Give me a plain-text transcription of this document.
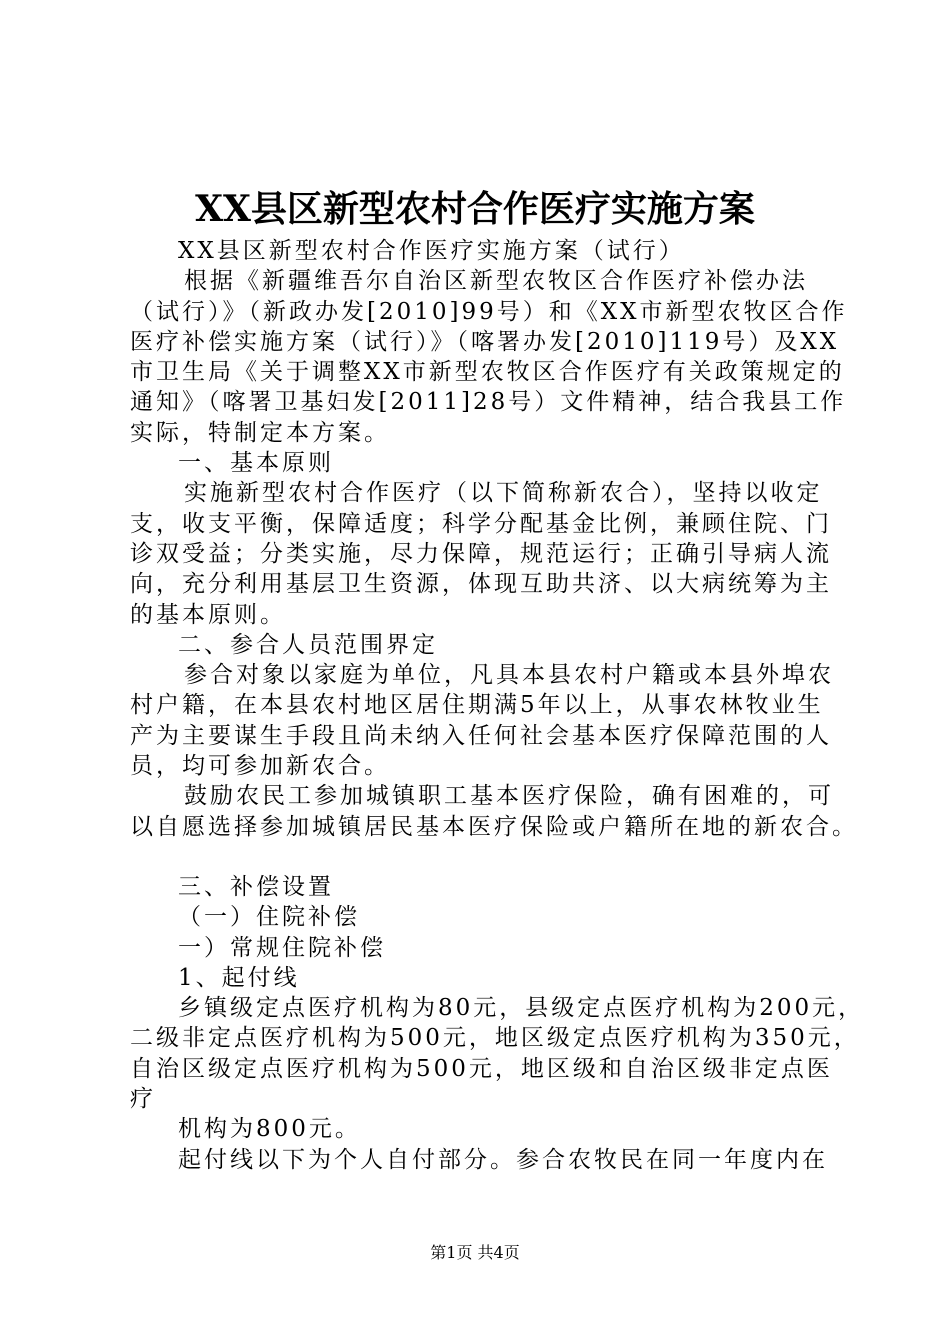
XX县区新型农村合作医疗实施方案
XX县区新型农村合作医疗实施方案（试行）
根据《新疆维吾尔自治区新型农牧区合作医疗补偿办法
（试行）》（新政办发[2010]99号）和《XX市新型农牧区合作
医疗补偿实施方案（试行）》（喀署办发[2010]119号）及XX
市卫生局《关于调整XX市新型农牧区合作医疗有关政策规定的
通知》（喀署卫基妇发[2011]28号）文件精神，结合我县工作
实际，特制定本方案。
一、基本原则
实施新型农村合作医疗（以下简称新农合），坚持以收定
支，收支平衡，保障适度；科学分配基金比例，兼顾住院、门
诊双受益；分类实施，尽力保障，规范运行；正确引导病人流
向，充分利用基层卫生资源，体现互助共济、以大病统筹为主
的基本原则。
二、参合人员范围界定
参合对象以家庭为单位，凡具本县农村户籍或本县外埠农
村户籍，在本县农村地区居住期满5年以上，从事农林牧业生
产为主要谋生手段且尚未纳入任何社会基本医疗保障范围的人
员，均可参加新农合。
鼓励农民工参加城镇职工基本医疗保险，确有困难的，可
以自愿选择参加城镇居民基本医疗保险或户籍所在地的新农合。
三、补偿设置
（一）住院补偿
一）常规住院补偿
1、起付线
乡镇级定点医疗机构为80元，县级定点医疗机构为200元，
二级非定点医疗机构为500元，地区级定点医疗机构为350元，
自治区级定点医疗机构为500元，地区级和自治区级非定点医
疗
机构为800元。
起付线以下为个人自付部分。参合农牧民在同一年度内在
第1页 共4页
